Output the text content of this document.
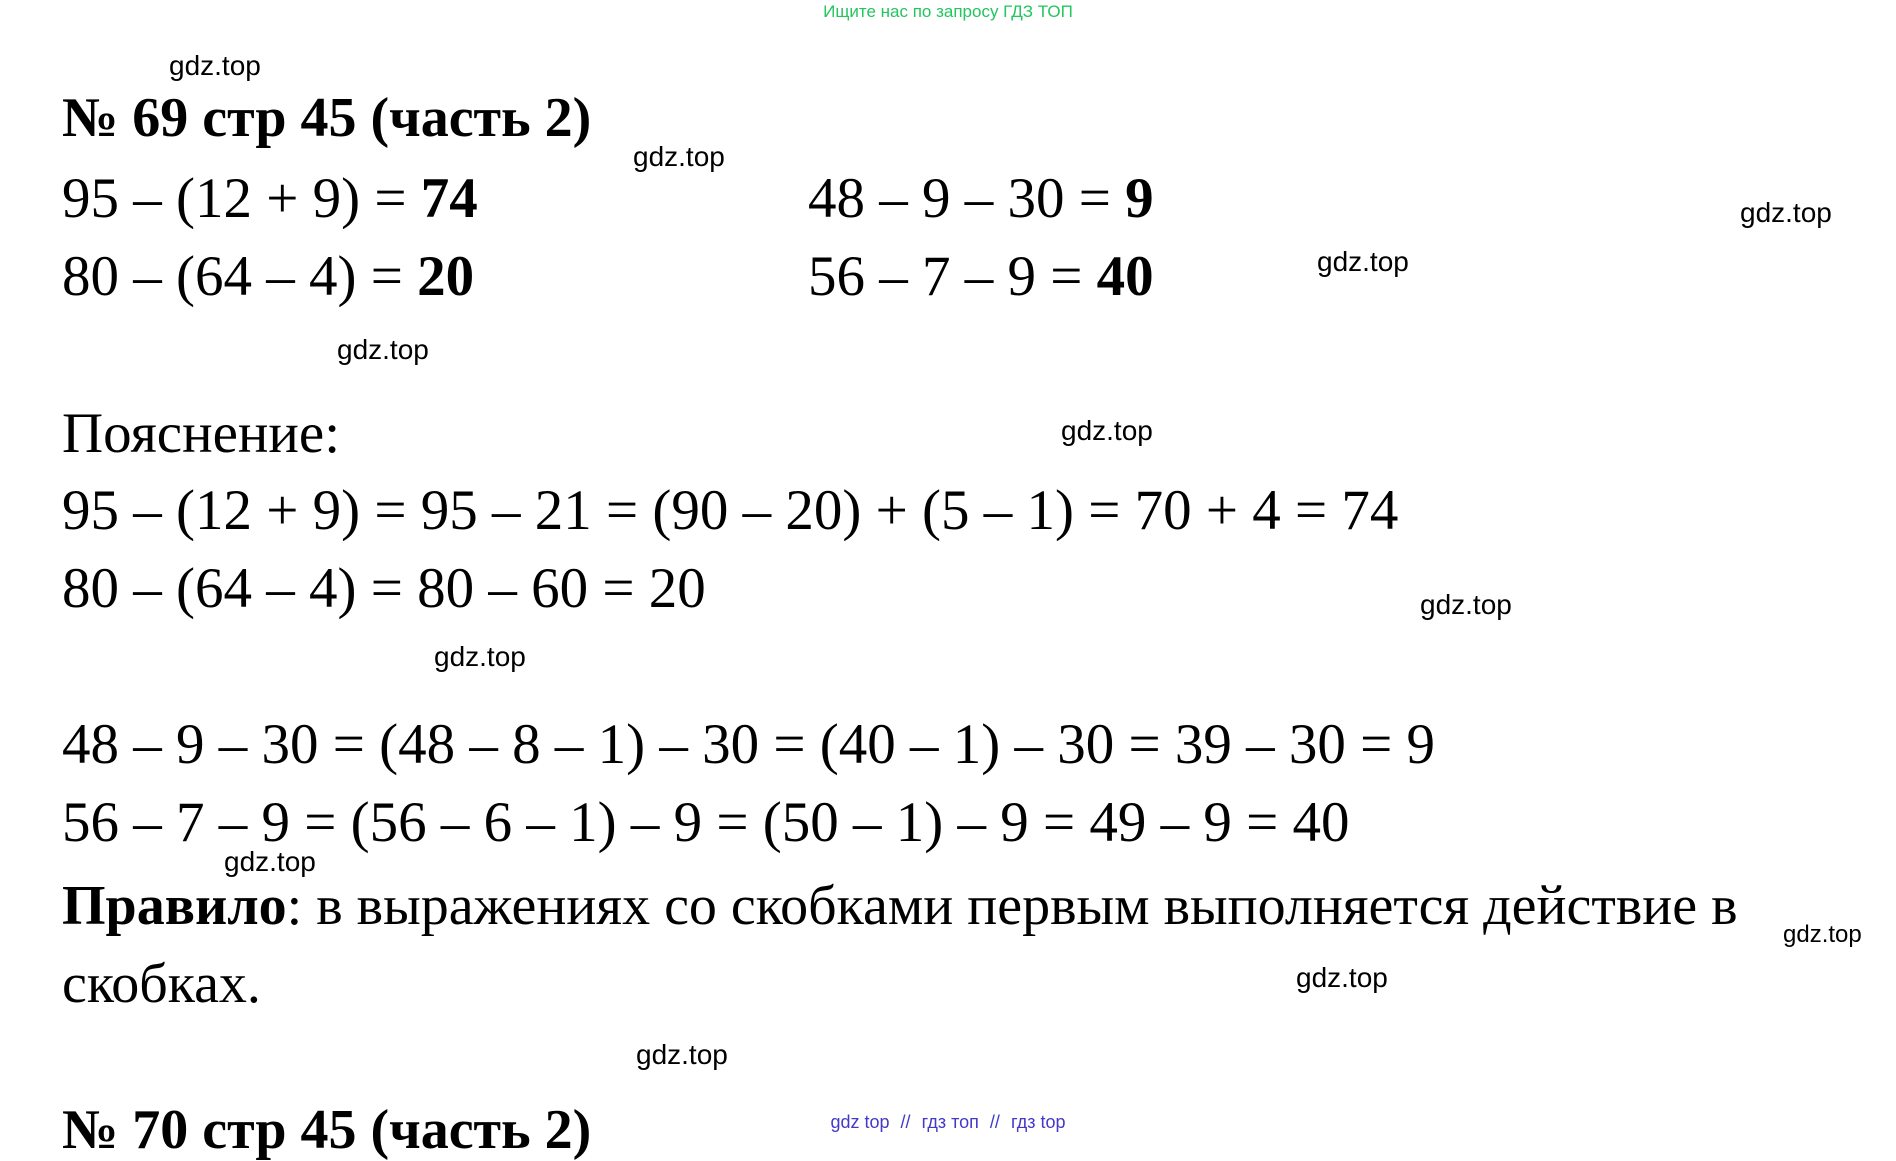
Ищите нас по запросу ГДЗ ТОП
gdz.top
gdz.top
gdz.top
gdz.top
gdz.top
gdz.top
gdz.top
gdz.top
gdz.top
gdz.top
gdz.top
gdz.top
№ 69 стр 45 (часть 2)
95 – (12 + 9) = 74
80 – (64 – 4) = 20
48 – 9 – 30 = 9
56 – 7 – 9 = 40
Пояснение:
95 – (12 + 9) = 95 – 21 = (90 – 20) + (5 – 1) = 70 + 4 = 74
80 – (64 – 4) = 80 – 60 = 20
48 – 9 – 30 = (48 – 8 – 1) – 30 = (40 – 1) – 30 = 39 – 30 = 9
56 – 7 – 9 = (56 – 6 – 1) – 9 = (50 – 1) – 9 = 49 – 9 = 40
Правило: в выражениях со скобками первым выполняется действие в скобках.
№ 70 стр 45 (часть 2)	gdz top // гдз топ // гдз top
